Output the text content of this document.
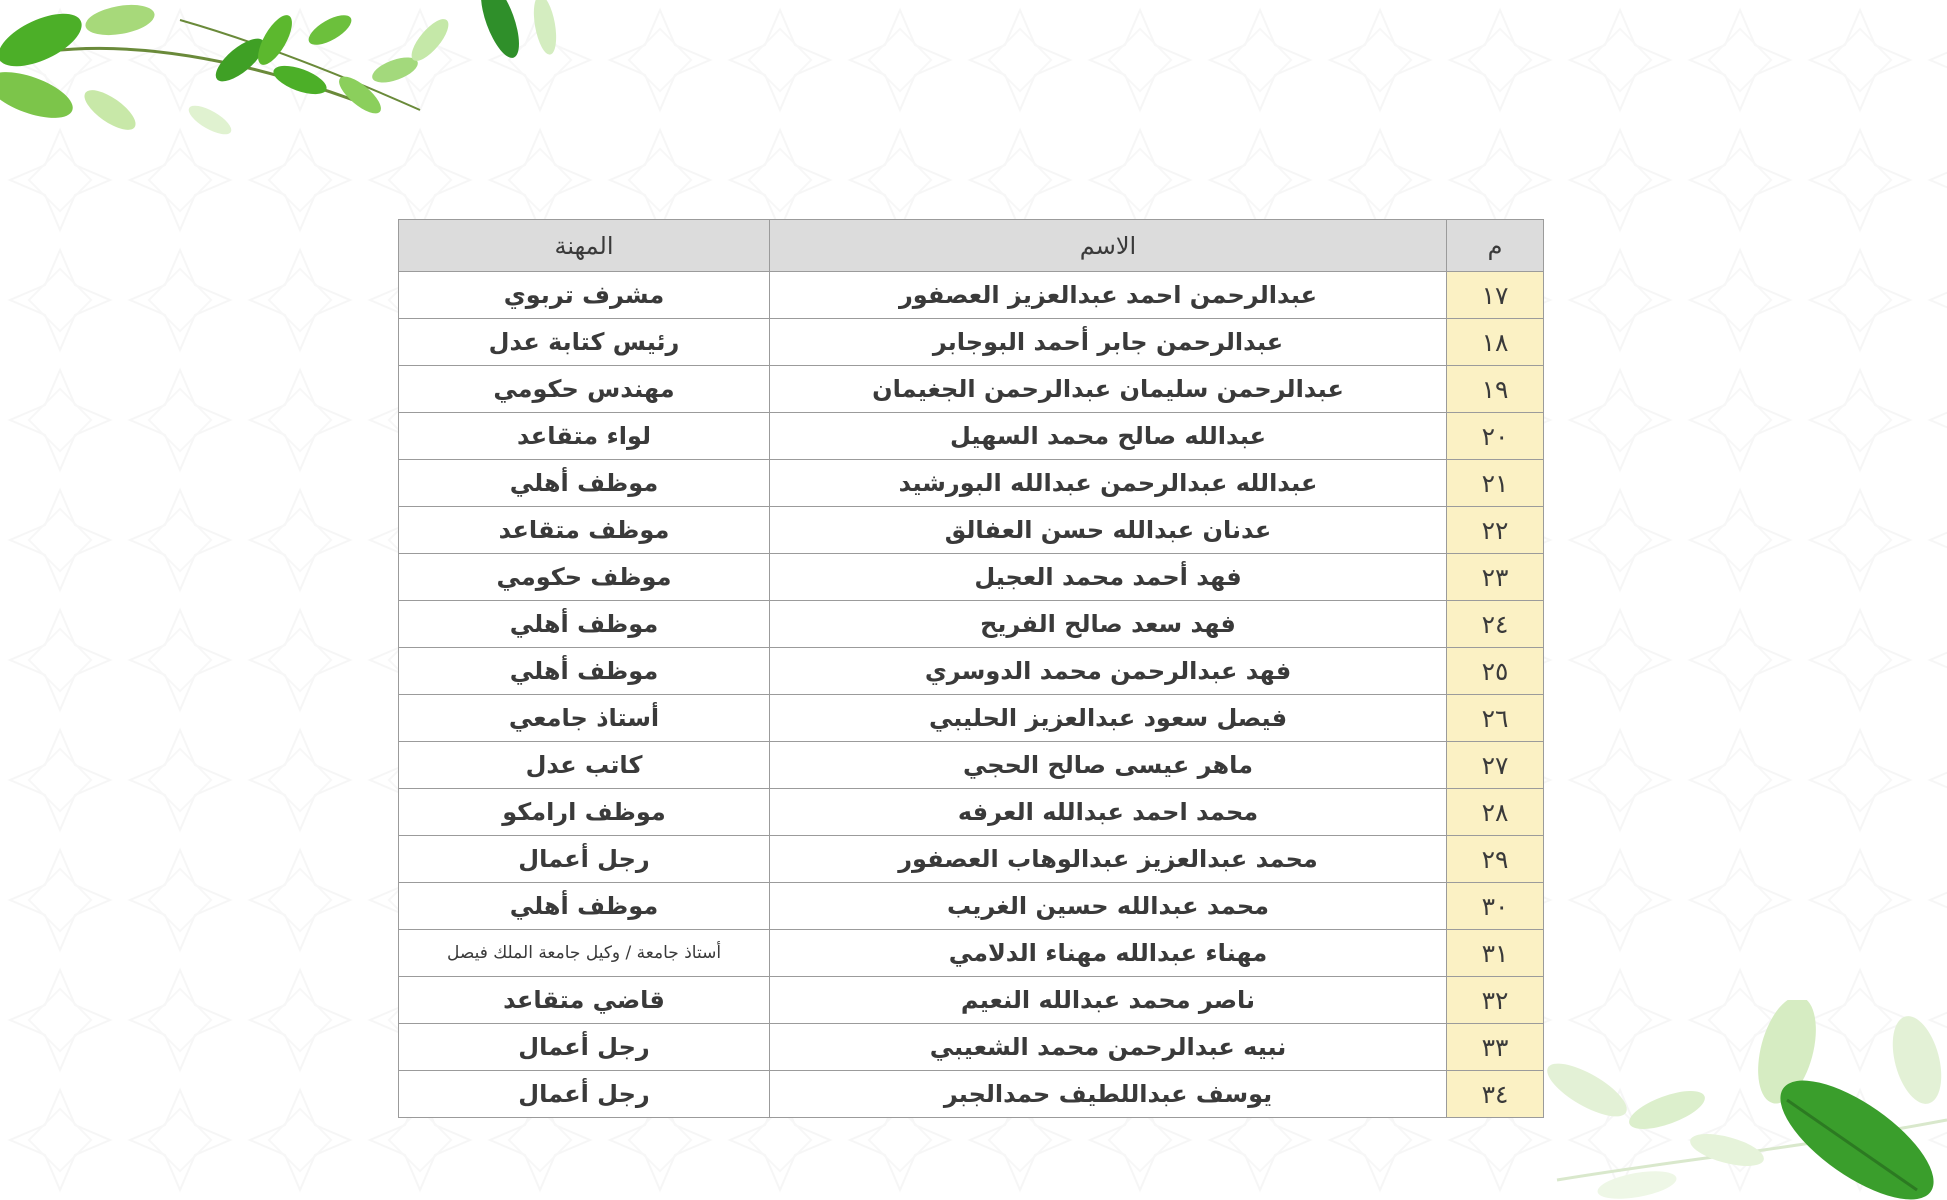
م	الاسم	المهنة
١٧	عبدالرحمن احمد عبدالعزيز العصفور	مشرف تربوي
١٨	عبدالرحمن جابر أحمد البوجابر	رئيس كتابة عدل
١٩	عبدالرحمن سليمان عبدالرحمن الجغيمان	مهندس حكومي
٢٠	عبدالله صالح محمد السهيل	لواء متقاعد
٢١	عبدالله عبدالرحمن عبدالله البورشيد	موظف أهلي
٢٢	عدنان عبدالله حسن العفالق	موظف متقاعد
٢٣	فهد أحمد محمد العجيل	موظف حكومي
٢٤	فهد سعد صالح الفريح	موظف أهلي
٢٥	فهد عبدالرحمن محمد الدوسري	موظف أهلي
٢٦	فيصل سعود عبدالعزيز الحليبي	أستاذ جامعي
٢٧	ماهر عيسى صالح الحجي	كاتب عدل
٢٨	محمد احمد عبدالله العرفه	موظف ارامكو
٢٩	محمد عبدالعزيز عبدالوهاب العصفور	رجل أعمال
٣٠	محمد عبدالله حسين الغريب	موظف أهلي
٣١	مهناء عبدالله مهناء الدلامي	أستاذ جامعة / وكيل جامعة الملك فيصل
٣٢	ناصر محمد عبدالله النعيم	قاضي متقاعد
٣٣	نبيه عبدالرحمن محمد الشعيبي	رجل أعمال
٣٤	يوسف عبداللطيف حمدالجبر	رجل أعمال
